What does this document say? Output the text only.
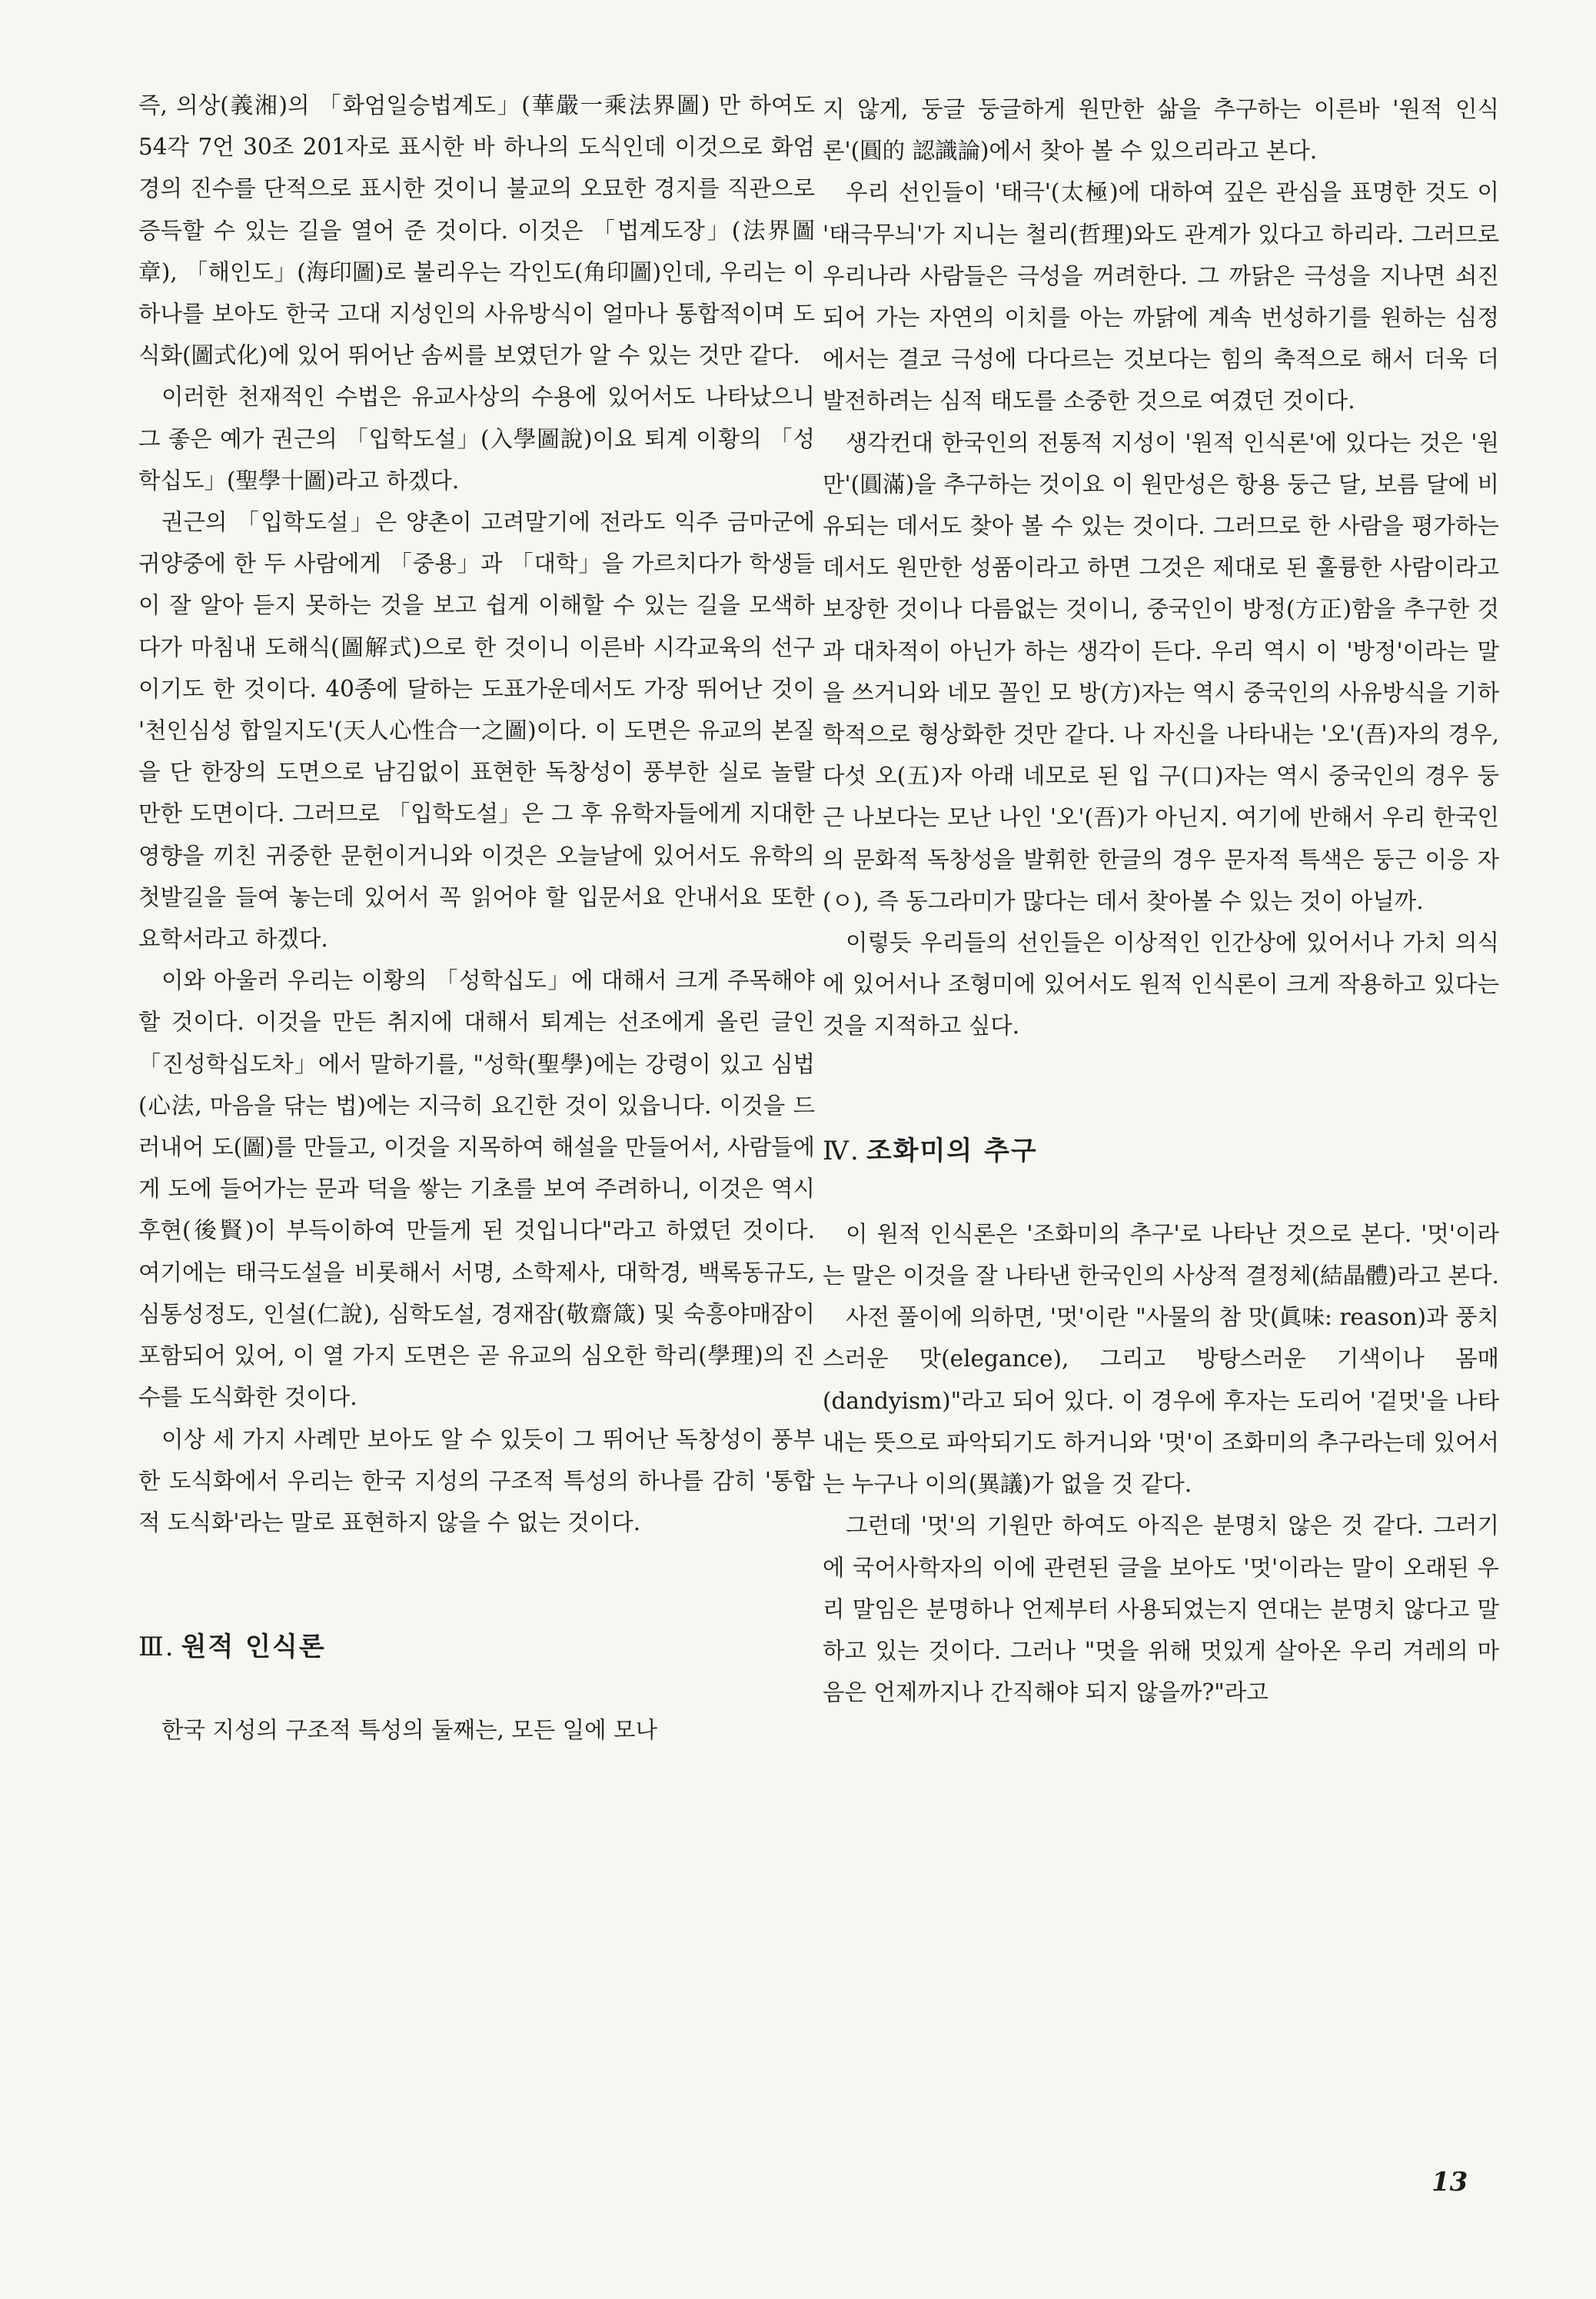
즉, 의상(義湘)의 「화엄일승법계도」(華嚴一乘法界圖) 만 하여도 54각 7언 30조 201자로 표시한 바 하나의 도식인데 이것으로 화엄경의 진수를 단적으로 표시한 것이니 불교의 오묘한 경지를 직관으로 증득할 수 있는 길을 열어 준 것이다. 이것은 「법계도장」(法界圖章), 「해인도」(海印圖)로 불리우는 각인도(角印圖)인데, 우리는 이 하나를 보아도 한국 고대 지성인의 사유방식이 얼마나 통합적이며 도식화(圖式化)에 있어 뛰어난 솜씨를 보였던가 알 수 있는 것만 같다.

이러한 천재적인 수법은 유교사상의 수용에 있어서도 나타났으니 그 좋은 예가 권근의 「입학도설」(入學圖說)이요 퇴계 이황의 「성학십도」(聖學十圖)라고 하겠다.

권근의 「입학도설」은 양촌이 고려말기에 전라도 익주 금마군에 귀양중에 한 두 사람에게 「중용」과 「대학」을 가르치다가 학생들이 잘 알아 듣지 못하는 것을 보고 쉽게 이해할 수 있는 길을 모색하다가 마침내 도해식(圖解式)으로 한 것이니 이른바 시각교육의 선구이기도 한 것이다. 40종에 달하는 도표가운데서도 가장 뛰어난 것이 '천인심성 합일지도'(天人心性合一之圖)이다. 이 도면은 유교의 본질을 단 한장의 도면으로 남김없이 표현한 독창성이 풍부한 실로 놀랄만한 도면이다. 그러므로 「입학도설」은 그 후 유학자들에게 지대한 영향을 끼친 귀중한 문헌이거니와 이것은 오늘날에 있어서도 유학의 첫발길을 들여 놓는데 있어서 꼭 읽어야 할 입문서요 안내서요 또한 요학서라고 하겠다.

이와 아울러 우리는 이황의 「성학십도」에 대해서 크게 주목해야 할 것이다. 이것을 만든 취지에 대해서 퇴계는 선조에게 올린 글인 「진성학십도차」에서 말하기를, "성학(聖學)에는 강령이 있고 심법(心法, 마음을 닦는 법)에는 지극히 요긴한 것이 있읍니다. 이것을 드러내어 도(圖)를 만들고, 이것을 지목하여 해설을 만들어서, 사람들에게 도에 들어가는 문과 덕을 쌓는 기초를 보여 주려하니, 이것은 역시 후현(後賢)이 부득이하여 만들게 된 것입니다"라고 하였던 것이다. 여기에는 태극도설을 비롯해서 서명, 소학제사, 대학경, 백록동규도, 심통성정도, 인설(仁說), 심학도설, 경재잠(敬齋箴) 및 숙흥야매잠이 포함되어 있어, 이 열 가지 도면은 곧 유교의 심오한 학리(學理)의 진수를 도식화한 것이다.

이상 세 가지 사례만 보아도 알 수 있듯이 그 뛰어난 독창성이 풍부한 도식화에서 우리는 한국 지성의 구조적 특성의 하나를 감히 '통합적 도식화'라는 말로 표현하지 않을 수 없는 것이다.

Ⅲ. 원적 인식론

한국 지성의 구조적 특성의 둘째는, 모든 일에 모나

지 않게, 둥글 둥글하게 원만한 삶을 추구하는 이른바 '원적 인식론'(圓的 認識論)에서 찾아 볼 수 있으리라고 본다.

우리 선인들이 '태극'(太極)에 대하여 깊은 관심을 표명한 것도 이 '태극무늬'가 지니는 철리(哲理)와도 관계가 있다고 하리라. 그러므로 우리나라 사람들은 극성을 꺼려한다. 그 까닭은 극성을 지나면 쇠진되어 가는 자연의 이치를 아는 까닭에 계속 번성하기를 원하는 심정에서는 결코 극성에 다다르는 것보다는 힘의 축적으로 해서 더욱 더 발전하려는 심적 태도를 소중한 것으로 여겼던 것이다.

생각컨대 한국인의 전통적 지성이 '원적 인식론'에 있다는 것은 '원만'(圓滿)을 추구하는 것이요 이 원만성은 항용 둥근 달, 보름 달에 비유되는 데서도 찾아 볼 수 있는 것이다. 그러므로 한 사람을 평가하는 데서도 원만한 성품이라고 하면 그것은 제대로 된 훌륭한 사람이라고 보장한 것이나 다름없는 것이니, 중국인이 방정(方正)함을 추구한 것과 대차적이 아닌가 하는 생각이 든다. 우리 역시 이 '방정'이라는 말을 쓰거니와 네모 꼴인 모 방(方)자는 역시 중국인의 사유방식을 기하학적으로 형상화한 것만 같다. 나 자신을 나타내는 '오'(吾)자의 경우, 다섯 오(五)자 아래 네모로 된 입 구(口)자는 역시 중국인의 경우 둥근 나보다는 모난 나인 '오'(吾)가 아닌지. 여기에 반해서 우리 한국인의 문화적 독창성을 발휘한 한글의 경우 문자적 특색은 둥근 이응 자(ㅇ), 즉 동그라미가 많다는 데서 찾아볼 수 있는 것이 아닐까.

이렇듯 우리들의 선인들은 이상적인 인간상에 있어서나 가치 의식에 있어서나 조형미에 있어서도 원적 인식론이 크게 작용하고 있다는 것을 지적하고 싶다.

Ⅳ. 조화미의 추구

이 원적 인식론은 '조화미의 추구'로 나타난 것으로 본다. '멋'이라는 말은 이것을 잘 나타낸 한국인의 사상적 결정체(結晶體)라고 본다.

사전 풀이에 의하면, '멋'이란 "사물의 참 맛(眞味: reason)과 풍치스러운 맛(elegance), 그리고 방탕스러운 기색이나 몸매(dandyism)"라고 되어 있다. 이 경우에 후자는 도리어 '겉멋'을 나타내는 뜻으로 파악되기도 하거니와 '멋'이 조화미의 추구라는데 있어서는 누구나 이의(異議)가 없을 것 같다.

그런데 '멋'의 기원만 하여도 아직은 분명치 않은 것 같다. 그러기에 국어사학자의 이에 관련된 글을 보아도 '멋'이라는 말이 오래된 우리 말임은 분명하나 언제부터 사용되었는지 연대는 분명치 않다고 말하고 있는 것이다. 그러나 "멋을 위해 멋있게 살아온 우리 겨레의 마음은 언제까지나 간직해야 되지 않을까?"라고

13
